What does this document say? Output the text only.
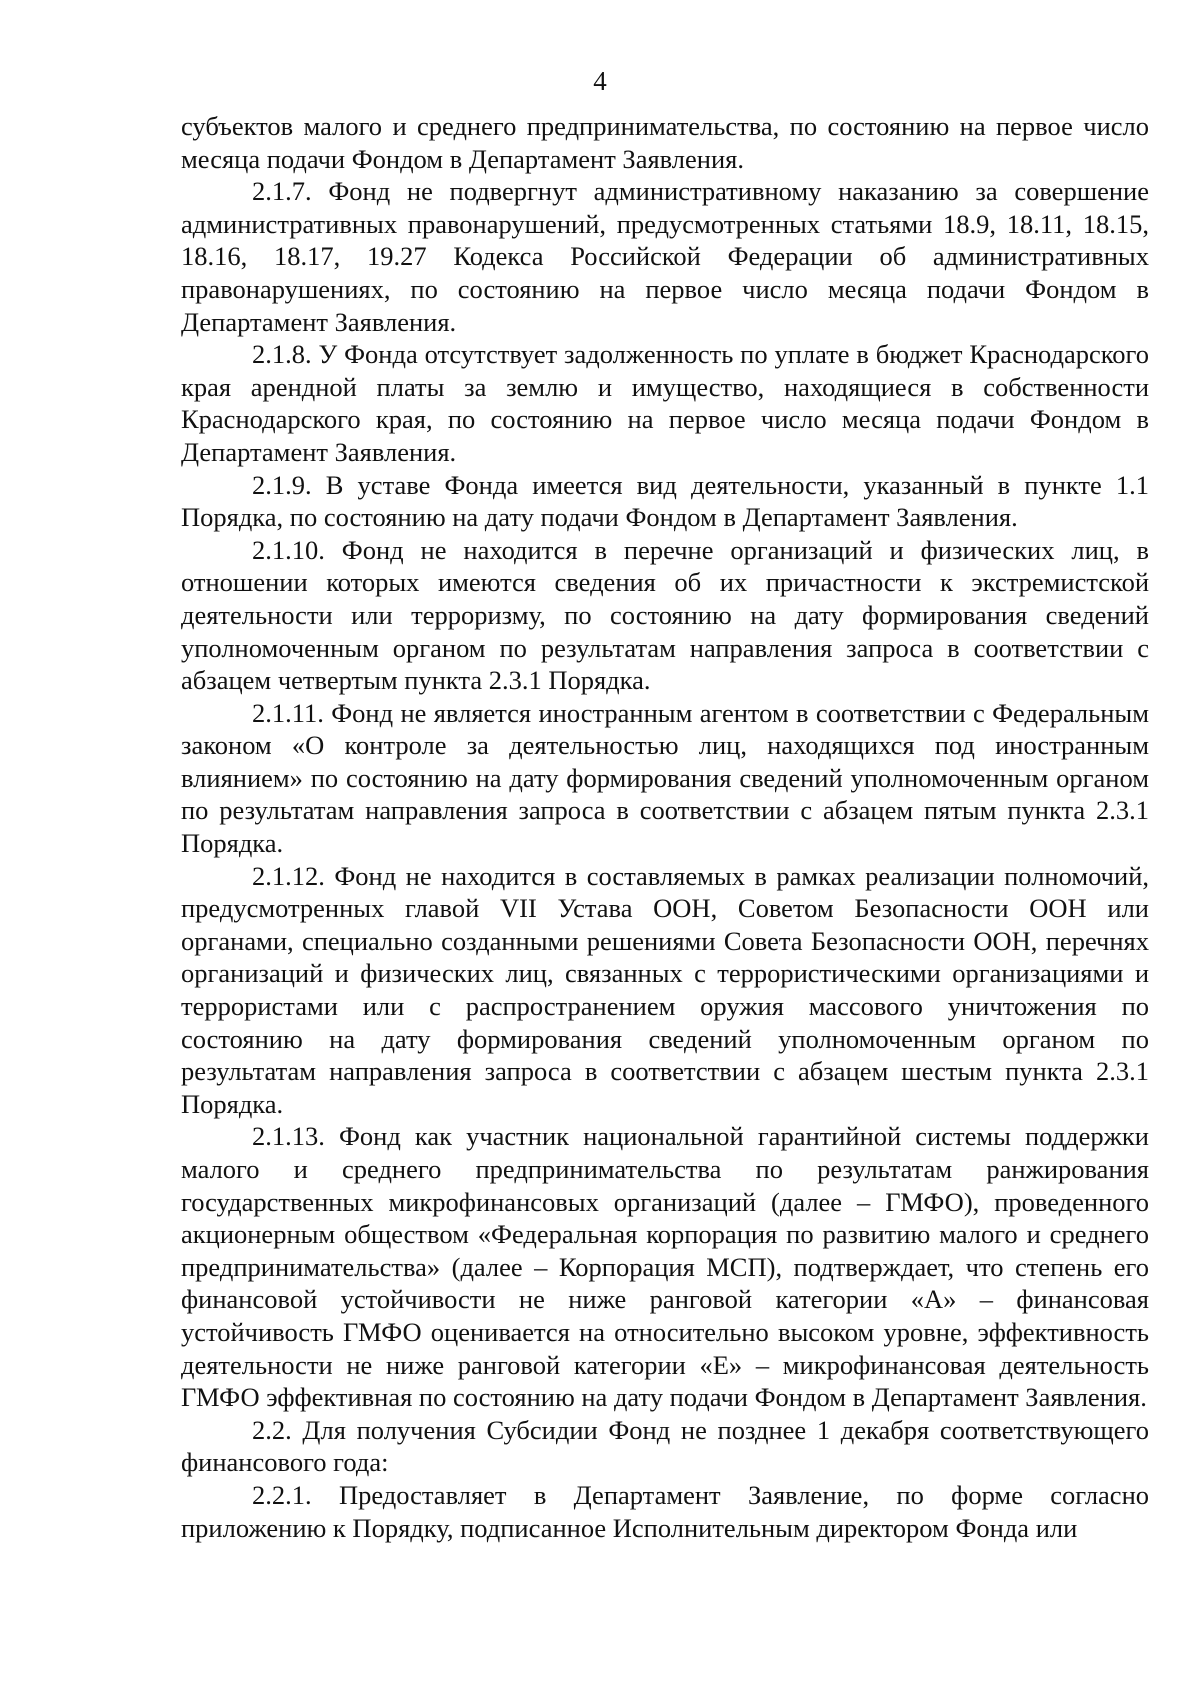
4

субъектов малого и среднего предпринимательства, по состоянию на первое число месяца подачи Фондом в Департамент Заявления.

2.1.7. Фонд не подвергнут административному наказанию за совершение административных правонарушений, предусмотренных статьями 18.9, 18.11, 18.15, 18.16, 18.17, 19.27 Кодекса Российской Федерации об административных правонарушениях, по состоянию на первое число месяца подачи Фондом в Департамент Заявления.

2.1.8. У Фонда отсутствует задолженность по уплате в бюджет Краснодарского края арендной платы за землю и имущество, находящиеся в собственности Краснодарского края, по состоянию на первое число месяца подачи Фондом в Департамент Заявления.

2.1.9. В уставе Фонда имеется вид деятельности, указанный в пункте 1.1 Порядка, по состоянию на дату подачи Фондом в Департамент Заявления.

2.1.10. Фонд не находится в перечне организаций и физических лиц, в отношении которых имеются сведения об их причастности к экстремистской деятельности или терроризму, по состоянию на дату формирования сведений уполномоченным органом по результатам направления запроса в соответствии с абзацем четвертым пункта 2.3.1 Порядка.

2.1.11. Фонд не является иностранным агентом в соответствии с Федеральным законом «О контроле за деятельностью лиц, находящихся под иностранным влиянием» по состоянию на дату формирования сведений уполномоченным органом по результатам направления запроса в соответствии с абзацем пятым пункта 2.3.1 Порядка.

2.1.12. Фонд не находится в составляемых в рамках реализации полномочий, предусмотренных главой VII Устава ООН, Советом Безопасности ООН или органами, специально созданными решениями Совета Безопасности ООН, перечнях организаций и физических лиц, связанных с террористическими организациями и террористами или с распространением оружия массового уничтожения по состоянию на дату формирования сведений уполномоченным органом по результатам направления запроса в соответствии с абзацем шестым пункта 2.3.1 Порядка.

2.1.13. Фонд как участник национальной гарантийной системы поддержки малого и среднего предпринимательства по результатам ранжирования государственных микрофинансовых организаций (далее – ГМФО), проведенного акционерным обществом «Федеральная корпорация по развитию малого и среднего предпринимательства» (далее – Корпорация МСП), подтверждает, что степень его финансовой устойчивости не ниже ранговой категории «А» – финансовая устойчивость ГМФО оценивается на относительно высоком уровне, эффективность деятельности не ниже ранговой категории «Е» – микрофинансовая деятельность ГМФО эффективная по состоянию на дату подачи Фондом в Департамент Заявления.

2.2. Для получения Субсидии Фонд не позднее 1 декабря соответствующего финансового года:

2.2.1. Предоставляет в Департамент Заявление, по форме согласно приложению к Порядку, подписанное Исполнительным директором Фонда или
